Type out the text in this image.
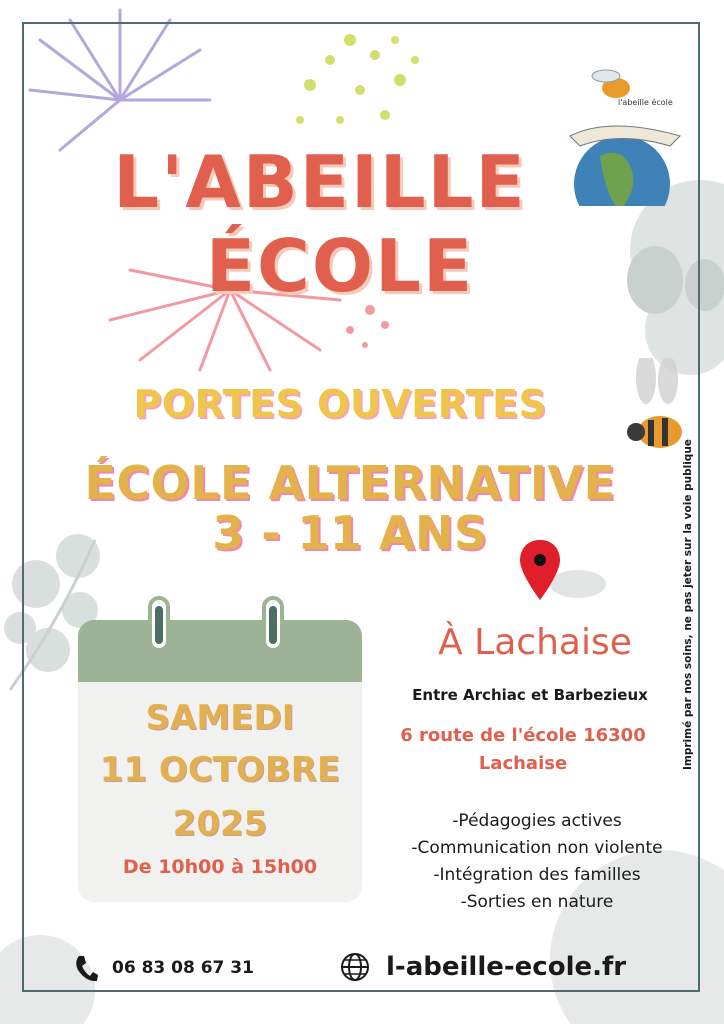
l'abeille école
L'ABEILLE
ÉCOLE
PORTES OUVERTES
ÉCOLE ALTERNATIVE
3 - 11 ANS
SAMEDI
11 OCTOBRE
2025
De 10h00 à 15h00
À Lachaise
Entre Archiac et Barbezieux
6 route de l'école 16300
Lachaise
-Pédagogies actives
-Communication non violente
-Intégration des familles
-Sorties en nature
Imprimé par nos soins, ne pas jeter sur la voie publique
06 83 08 67 31	l-abeille-ecole.fr
